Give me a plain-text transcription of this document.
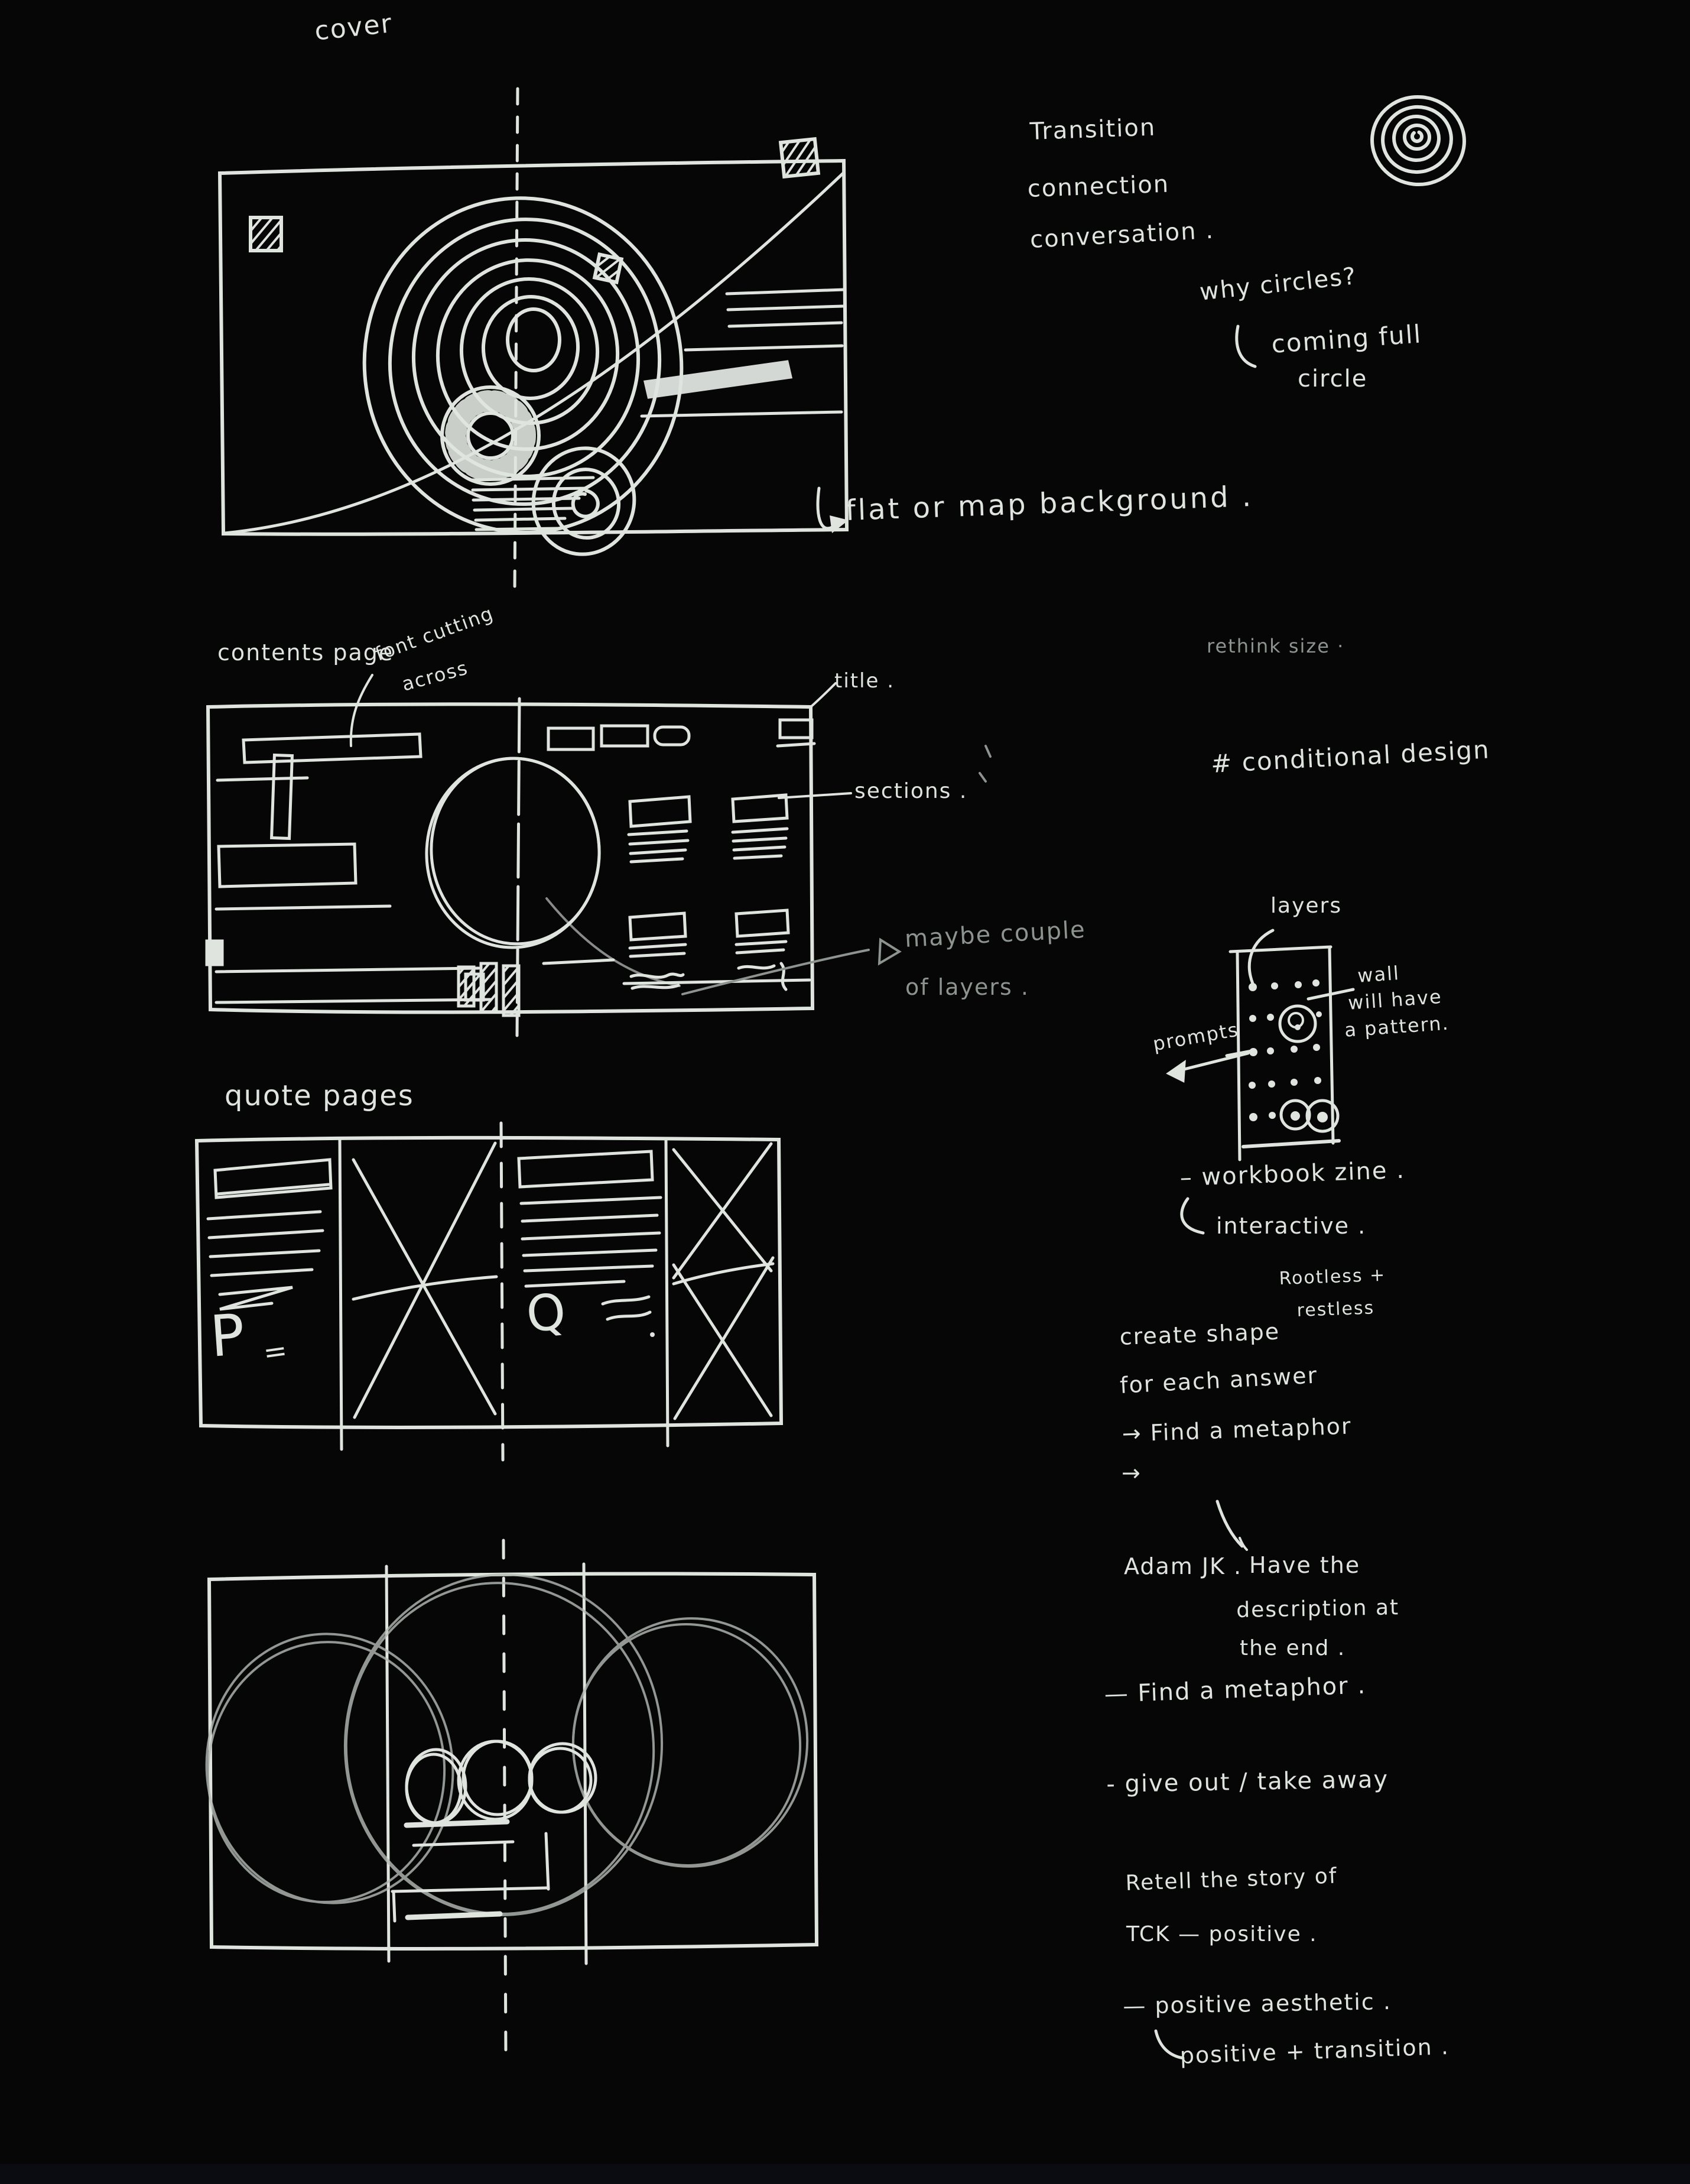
cover
Transition
connection
conversation .
why circles?
coming full
circle
flat or map background .
contents page
font cutting
across	title .
sections .
rethink size ·
# conditional design
maybe couple
of layers .
layers
prompts
wall
will have
a pattern.
quote pages
P =
Q
– workbook zine .
interactive .
Rootless +
restless
create shape
for each answer
→ Find a metaphor
→
Adam JK . Have the
description at
the end .
— Find a metaphor .
- give out / take away
Retell the story of
TCK — positive .
— positive aesthetic .
positive + transition .
